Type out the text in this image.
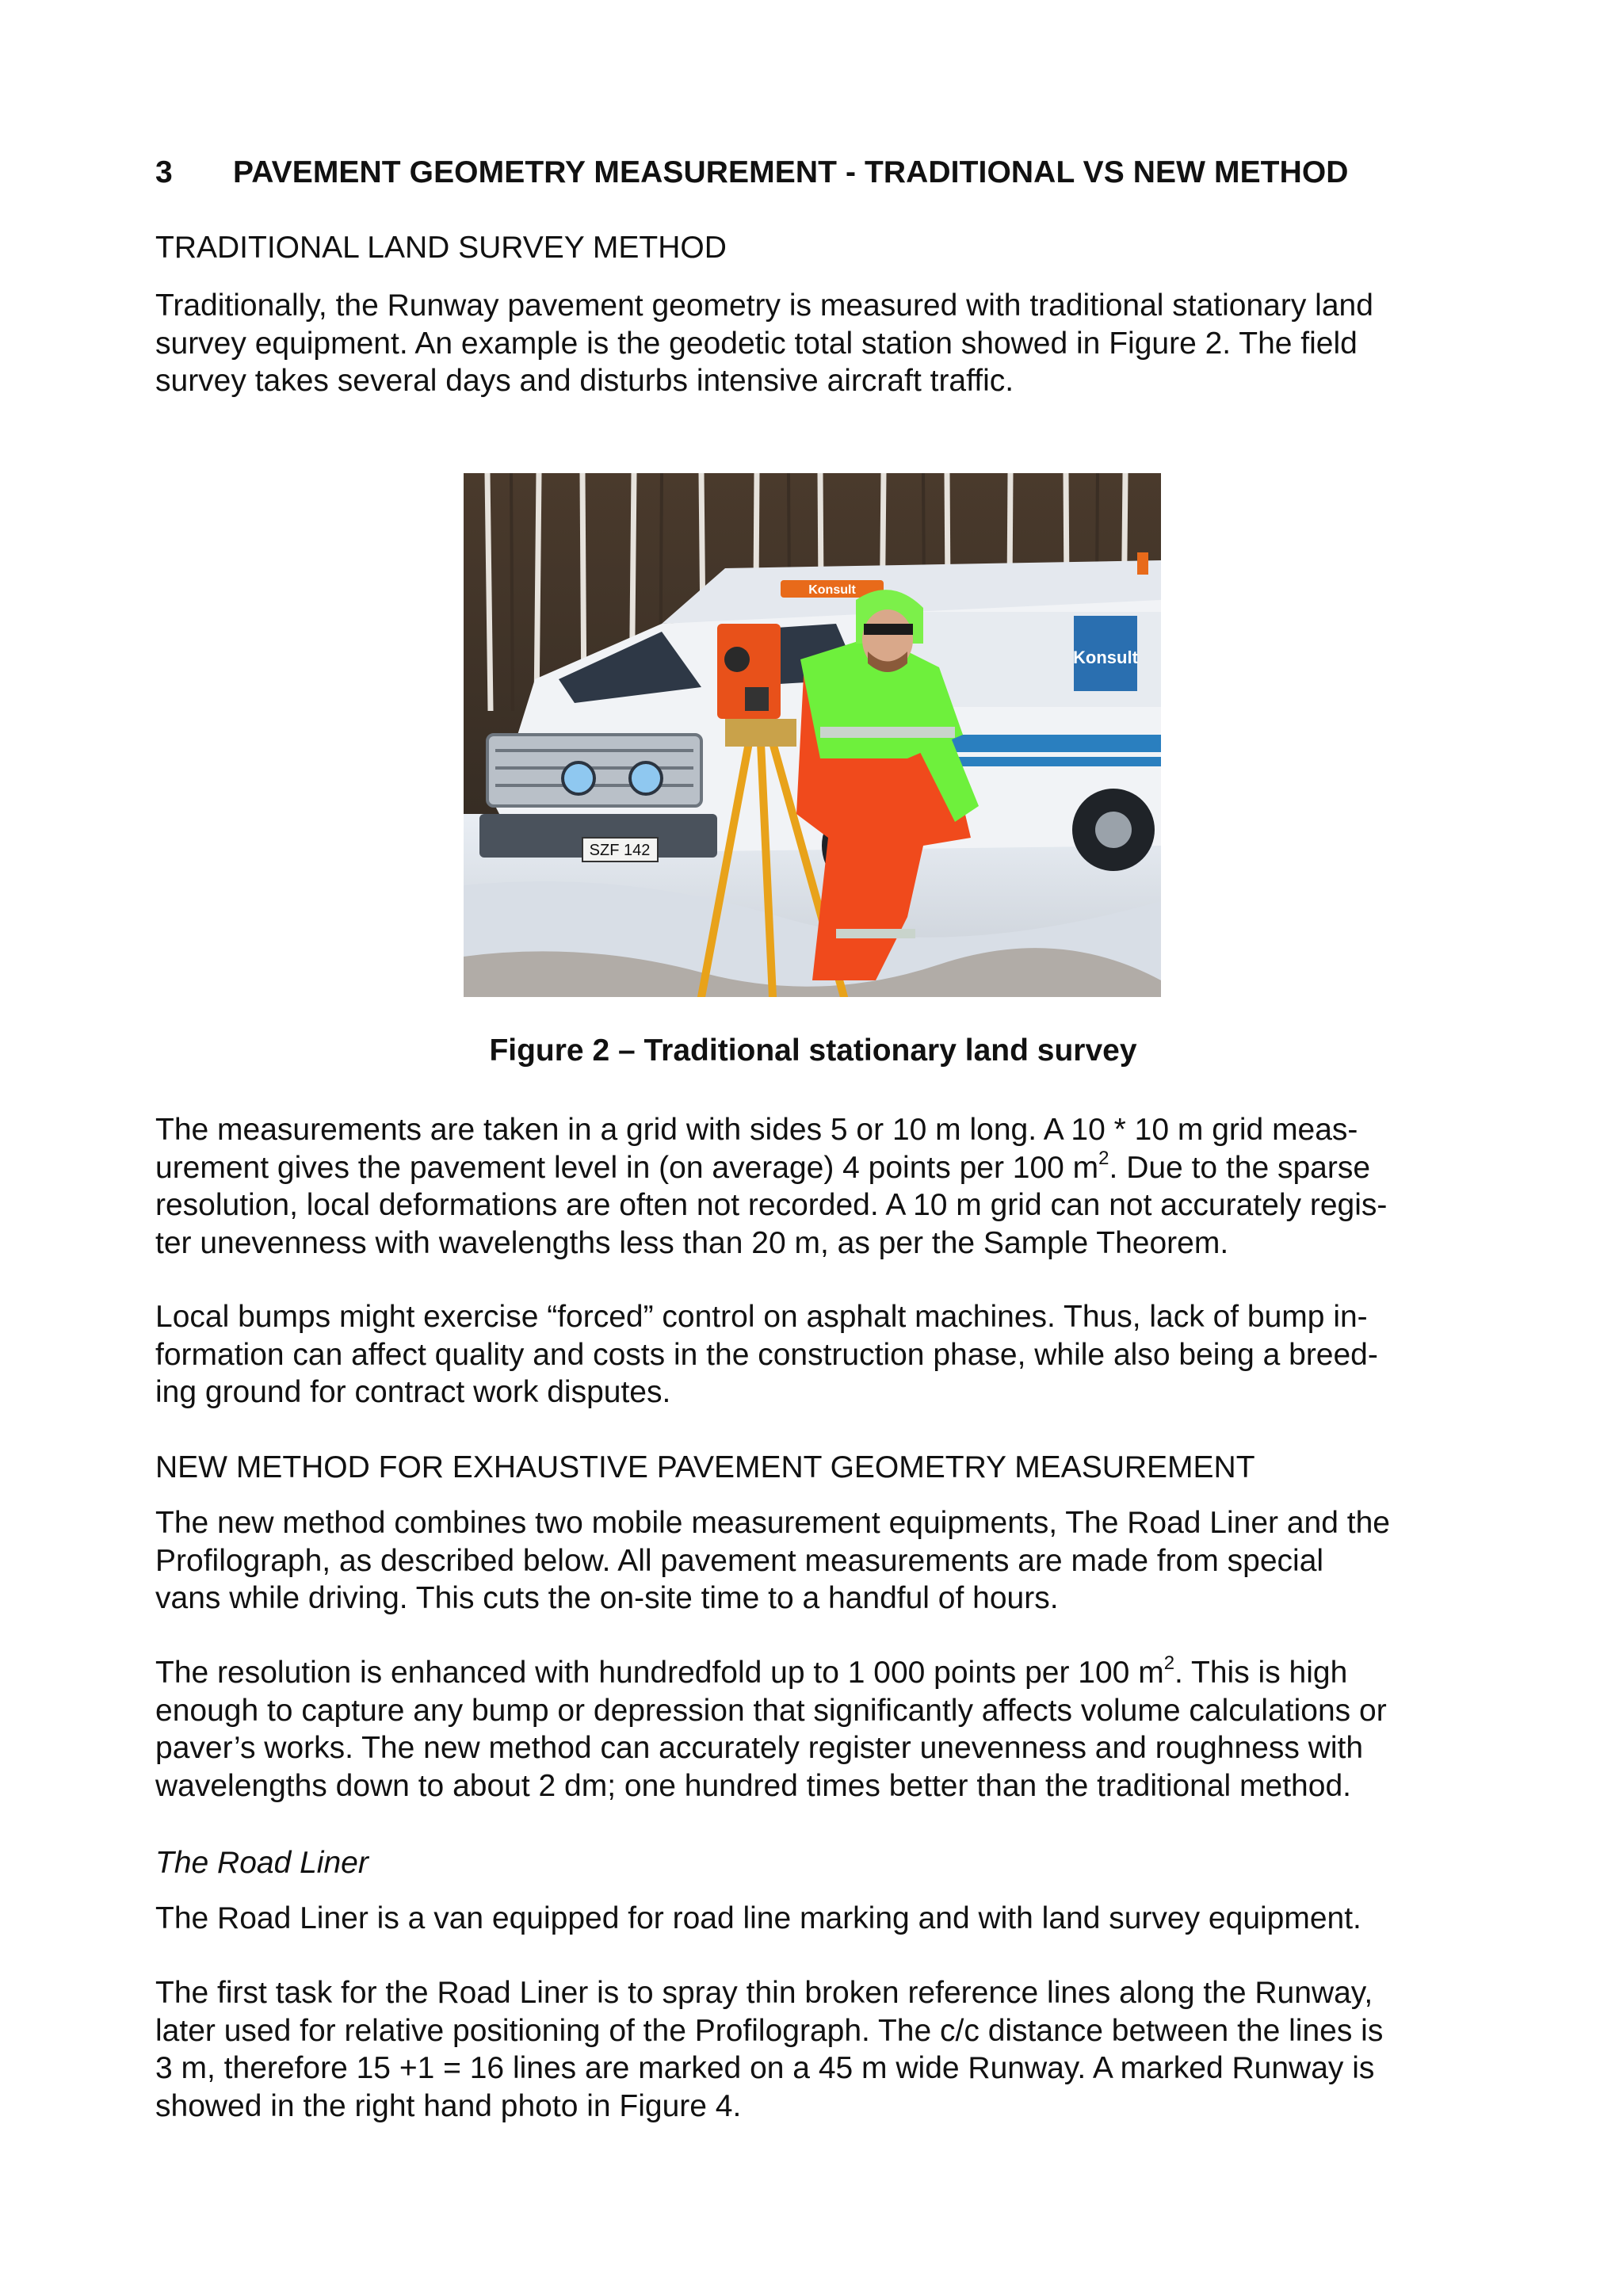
3 PAVEMENT GEOMETRY MEASUREMENT - TRADITIONAL VS NEW METHOD
TRADITIONAL LAND SURVEY METHOD
Traditionally, the Runway pavement geometry is measured with traditional stationary land
survey equipment. An example is the geodetic total station showed in Figure 2. The field
survey takes several days and disturbs intensive aircraft traffic.
Konsult
Konsult
SZF 142
Figure 2 – Traditional stationary land survey
The measurements are taken in a grid with sides 5 or 10 m long. A 10 * 10 m grid meas-
urement gives the pavement level in (on average) 4 points per 100 $m^2$. Due to the sparse
resolution, local deformations are often not recorded. A 10 m grid can not accurately regis-
ter unevenness with wavelengths less than 20 m, as per the Sample Theorem.
Local bumps might exercise “forced” control on asphalt machines. Thus, lack of bump in-
formation can affect quality and costs in the construction phase, while also being a breed-
ing ground for contract work disputes.
NEW METHOD FOR EXHAUSTIVE PAVEMENT GEOMETRY MEASUREMENT
The new method combines two mobile measurement equipments, The Road Liner and the
Profilograph, as described below. All pavement measurements are made from special
vans while driving. This cuts the on-site time to a handful of hours.
The resolution is enhanced with hundredfold up to 1 000 points per 100 $m^2$. This is high
enough to capture any bump or depression that significantly affects volume calculations or
paver’s works. The new method can accurately register unevenness and roughness with
wavelengths down to about 2 dm; one hundred times better than the traditional method.
The Road Liner
The Road Liner is a van equipped for road line marking and with land survey equipment.
The first task for the Road Liner is to spray thin broken reference lines along the Runway,
later used for relative positioning of the Profilograph. The c/c distance between the lines is
3 m, therefore 15 +1 = 16 lines are marked on a 45 m wide Runway. A marked Runway is
showed in the right hand photo in Figure 4.
